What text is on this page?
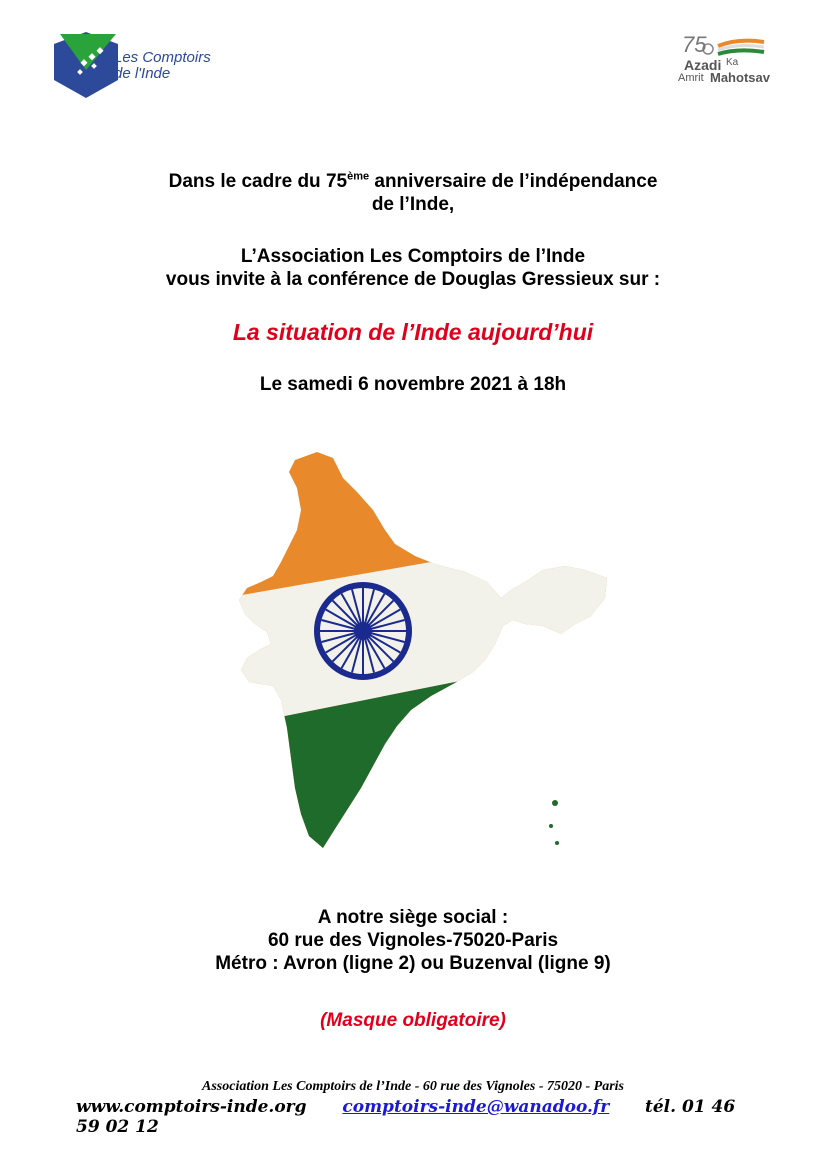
Les Comptoirs
de l'Inde
75
Azadi Ka
Amrit Mahotsav
Dans le cadre du 75ème anniversaire de l’indépendance
de l’Inde,
L’Association Les Comptoirs de l’Inde
vous invite à la conférence de Douglas Gressieux sur :
La situation de l’Inde aujourd’hui
Le samedi 6 novembre 2021 à 18h
A notre siège social :
60 rue des Vignoles-75020-Paris
Métro : Avron (ligne 2) ou Buzenval (ligne 9)
(Masque obligatoire)
Association Les Comptoirs de l’Inde - 60 rue des Vignoles - 75020 - Paris
www.comptoirs-inde.org comptoirs-inde@wanadoo.fr tél. 01 46 59 02 12
